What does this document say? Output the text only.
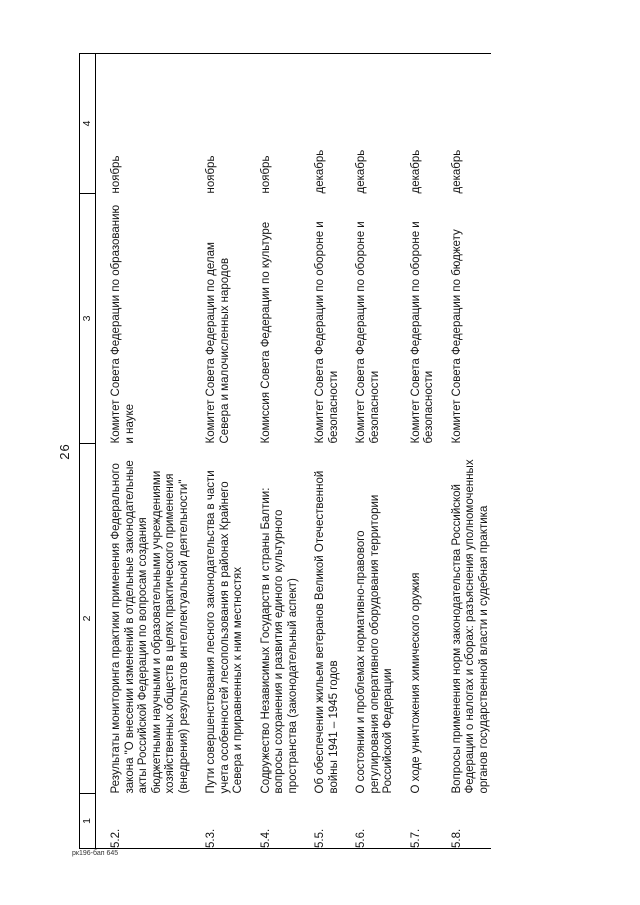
26
1	2	3	4
5.2.	Результаты мониторинга практики применения Федерального закона "О внесении изменений в отдельные законодательные акты Российской Федерации по вопросам создания бюджетными научными и образовательными учреждениями хозяйственных обществ в целях практического применения (внедрения) результатов интеллектуальной деятельности"	Комитет Совета Федерации по образованию и науке	ноябрь
5.3.	Пути совершенствования лесного законодательства в части учета особенностей лесопользования в районах Крайнего Севера и приравненных к ним местностях	Комитет Совета Федерации по делам Севера и малочисленных народов	ноябрь
5.4.	Содружество Независимых Государств и страны Балтии: вопросы сохранения и развития единого культурного пространства (законодательный аспект)	Комиссия Совета Федерации по культуре	ноябрь
5.5.	Об обеспечении жильем ветеранов Великой Отечественной войны 1941 – 1945 годов	Комитет Совета Федерации по обороне и безопасности	декабрь
5.6.	О состоянии и проблемах нормативно-правового регулирования оперативного оборудования территории Российской Федерации	Комитет Совета Федерации по обороне и безопасности	декабрь
5.7.	О ходе уничтожения химического оружия	Комитет Совета Федерации по обороне и безопасности	декабрь
5.8.	Вопросы применения норм законодательства Российской Федерации о налогах и сборах: разъяснения уполномоченных органов государственной власти и судебная практика	Комитет Совета Федерации по бюджету	декабрь
рк196-бап 645
